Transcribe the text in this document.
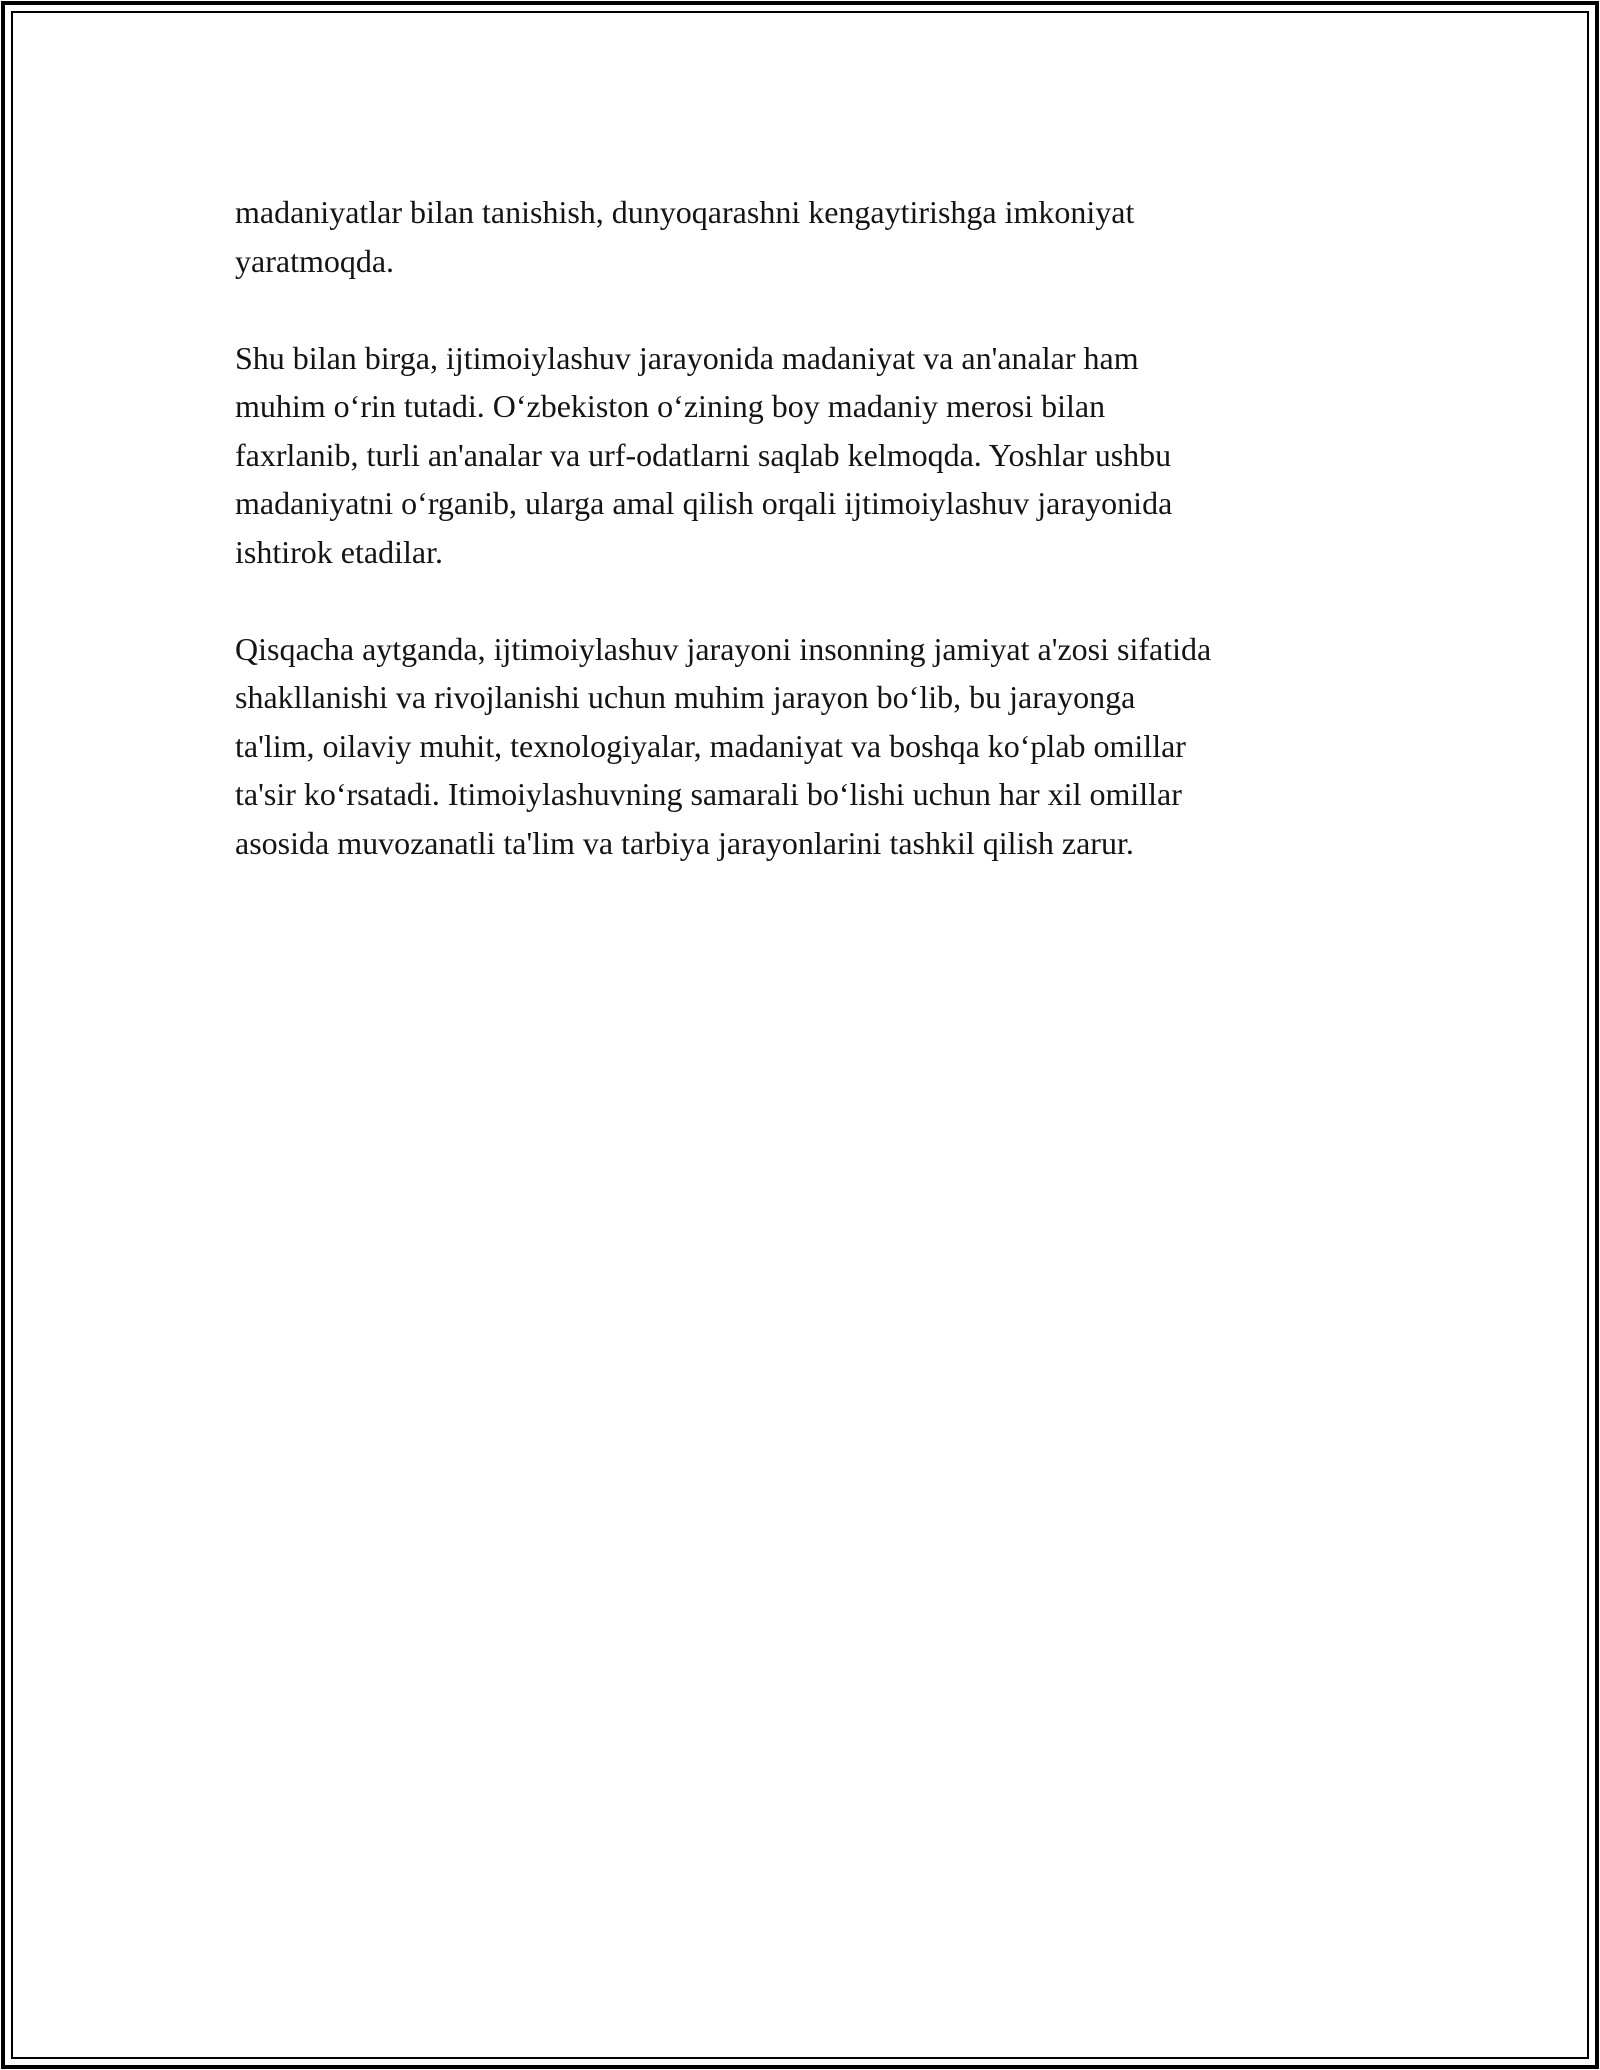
madaniyatlar bilan tanishish, dunyoqarashni kengaytirishga imkoniyat
yaratmoqda.

Shu bilan birga, ijtimoiylashuv jarayonida madaniyat va an'analar ham
muhim o‘rin tutadi. O‘zbekiston o‘zining boy madaniy merosi bilan
faxrlanib, turli an'analar va urf-odatlarni saqlab kelmoqda. Yoshlar ushbu
madaniyatni o‘rganib, ularga amal qilish orqali ijtimoiylashuv jarayonida
ishtirok etadilar.

Qisqacha aytganda, ijtimoiylashuv jarayoni insonning jamiyat a'zosi sifatida
shakllanishi va rivojlanishi uchun muhim jarayon bo‘lib, bu jarayonga
ta'lim, oilaviy muhit, texnologiyalar, madaniyat va boshqa ko‘plab omillar
ta'sir ko‘rsatadi. Itimoiylashuvning samarali bo‘lishi uchun har xil omillar
asosida muvozanatli ta'lim va tarbiya jarayonlarini tashkil qilish zarur.
